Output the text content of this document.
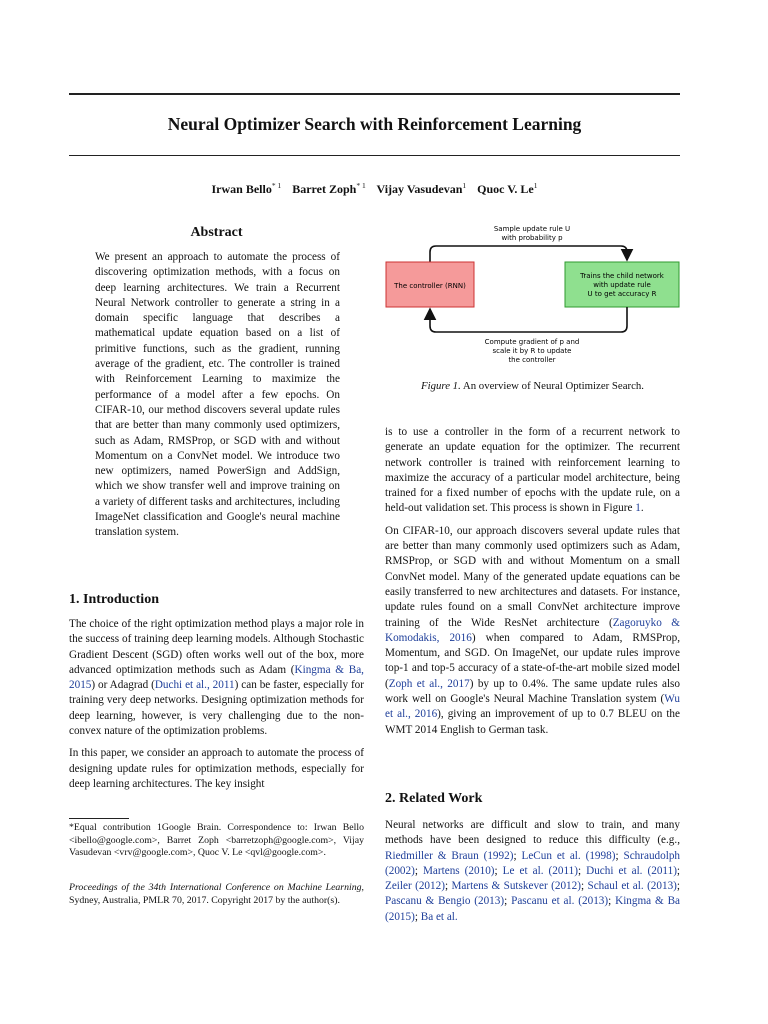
Neural Optimizer Search with Reinforcement Learning
Irwan Bello$^{* 1}$ Barret Zoph$^{* 1}$ Vijay Vasudevan$^1$ Quoc V. Le$^1$
Abstract
We present an approach to automate the process of discovering optimization methods, with a focus on deep learning architectures. We train a Recurrent Neural Network controller to generate a string in a domain specific language that describes a mathematical update equation based on a list of primitive functions, such as the gradient, running average of the gradient, etc. The controller is trained with Reinforcement Learning to maximize the performance of a model after a few epochs. On CIFAR-10, our method discovers several update rules that are better than many commonly used optimizers, such as Adam, RMSProp, or SGD with and without Momentum on a ConvNet model. We introduce two new optimizers, named PowerSign and AddSign, which we show transfer well and improve training on a variety of different tasks and architectures, including ImageNet classification and Google's neural machine translation system.
1. Introduction

The choice of the right optimization method plays a major role in the success of training deep learning models. Although Stochastic Gradient Descent (SGD) often works well out of the box, more advanced optimization methods such as Adam (Kingma & Ba, 2015) or Adagrad (Duchi et al., 2011) can be faster, especially for training very deep networks. Designing optimization methods for deep learning, however, is very challenging due to the non-convex nature of the optimization problems.

In this paper, we consider an approach to automate the process of designing update rules for optimization methods, especially for deep learning architectures. The key insight

*Equal contribution 1Google Brain. Correspondence to: Irwan Bello <ibello@google.com>, Barret Zoph <barretzoph@google.com>, Vijay Vasudevan <vrv@google.com>, Quoc V. Le <qvl@google.com>.
Proceedings of the 34th International Conference on Machine Learning, Sydney, Australia, PMLR 70, 2017. Copyright 2017 by the author(s).
Sample update rule U
with probability p
The controller (RNN)
Trains the child network
with update rule
U to get accuracy R
Compute gradient of p and
scale it by R to update
the controller
Figure 1. An overview of Neural Optimizer Search.

is to use a controller in the form of a recurrent network to generate an update equation for the optimizer. The recurrent network controller is trained with reinforcement learning to maximize the accuracy of a particular model architecture, being trained for a fixed number of epochs with the update rule, on a held-out validation set. This process is shown in Figure 1.

On CIFAR-10, our approach discovers several update rules that are better than many commonly used optimizers such as Adam, RMSProp, or SGD with and without Momentum on a small ConvNet model. Many of the generated update equations can be easily transferred to new architectures and datasets. For instance, update rules found on a small ConvNet architecture improve training of the Wide ResNet architecture (Zagoruyko & Komodakis, 2016) when compared to Adam, RMSProp, Momentum, and SGD. On ImageNet, our update rules improve top-1 and top-5 accuracy of a state-of-the-art mobile sized model (Zoph et al., 2017) by up to 0.4%. The same update rules also work well on Google's Neural Machine Translation system (Wu et al., 2016), giving an improvement of up to 0.7 BLEU on the WMT 2014 English to German task.

2. Related Work

Neural networks are difficult and slow to train, and many methods have been designed to reduce this difficulty (e.g., Riedmiller & Braun (1992); LeCun et al. (1998); Schraudolph (2002); Martens (2010); Le et al. (2011); Duchi et al. (2011); Zeiler (2012); Martens & Sutskever (2012); Schaul et al. (2013); Pascanu & Bengio (2013); Pascanu et al. (2013); Kingma & Ba (2015); Ba et al.
